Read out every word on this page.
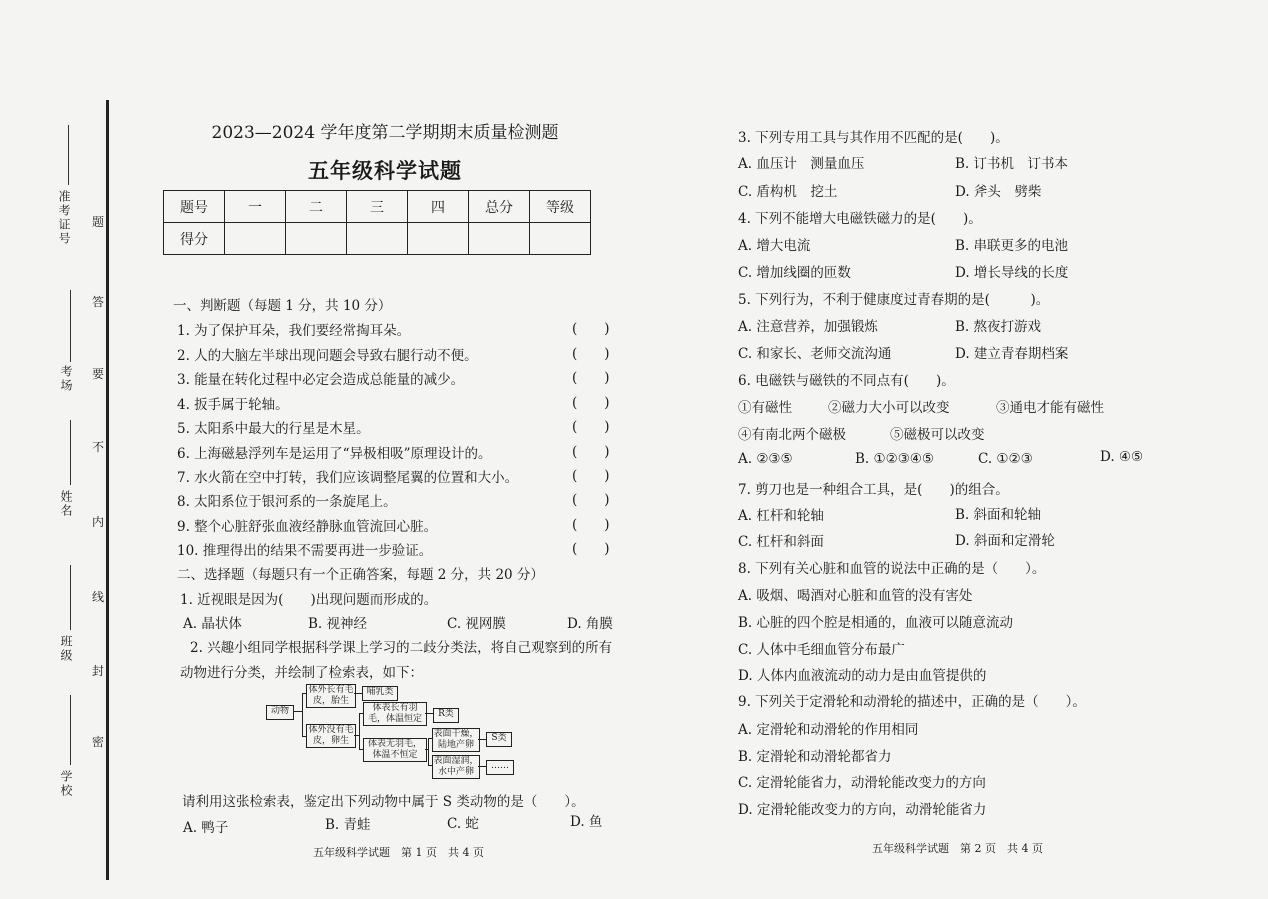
准考证号
考场
姓名
班级
学校
题
答
要
不
内
线
封
密
2023—2024 学年度第二学期期末质量检测题
五年级科学试题
题号	一	二	三	四	总分	等级
得分						
一、判断题（每题 1 分，共 10 分）
1. 为了保护耳朵，我们要经常掏耳朵。	(　　)
2. 人的大脑左半球出现问题会导致右腿行动不便。	(　　)
3. 能量在转化过程中必定会造成总能量的减少。	(　　)
4. 扳手属于轮轴。	(　　)
5. 太阳系中最大的行星是木星。	(　　)
6. 上海磁悬浮列车是运用了“异极相吸”原理设计的。	(　　)
7. 水火箭在空中打转，我们应该调整尾翼的位置和大小。	(　　)
8. 太阳系位于银河系的一条旋尾上。	(　　)
9. 整个心脏舒张血液经静脉血管流回心脏。	(　　)
10. 推理得出的结果不需要再进一步验证。	(　　)
二、选择题（每题只有一个正确答案，每题 2 分，共 20 分）
1. 近视眼是因为(　　)出现问题而形成的。
A. 晶状体	B. 视神经	C. 视网膜	D. 角膜
2. 兴趣小组同学根据科学课上学习的二歧分类法，将自己观察到的所有
动物进行分类，并绘制了检索表，如下：
动物
体外长有毛皮，胎生
哺乳类
体外没有毛皮，卵生
体表长有羽毛，体温恒定	R类
体表无羽毛，体温不恒定
表面干燥，陆地产卵
S类
表面湿润，水中产卵
……
请利用这张检索表，鉴定出下列动物中属于 S 类动物的是（　　）。
A. 鸭子	B. 青蛙	C. 蛇	D. 鱼
五年级科学试题　第 1 页　共 4 页
3. 下列专用工具与其作用不匹配的是(　　)。
A. 血压计　测量血压	B. 订书机　订书本
C. 盾构机　挖土	D. 斧头　劈柴
4. 下列不能增大电磁铁磁力的是(　　)。
A. 增大电流	B. 串联更多的电池
C. 增加线圈的匝数	D. 增长导线的长度
5. 下列行为，不利于健康度过青春期的是(　　　)。
A. 注意营养，加强锻炼	B. 熬夜打游戏
C. 和家长、老师交流沟通	D. 建立青春期档案
6. 电磁铁与磁铁的不同点有(　　)。
①有磁性	②磁力大小可以改变	③通电才能有磁性
④有南北两个磁极	⑤磁极可以改变
A. ②③⑤	B. ①②③④⑤	C. ①②③	D. ④⑤
7. 剪刀也是一种组合工具，是(　　)的组合。
A. 杠杆和轮轴	B. 斜面和轮轴
C. 杠杆和斜面	D. 斜面和定滑轮
8. 下列有关心脏和血管的说法中正确的是（　　）。
A. 吸烟、喝酒对心脏和血管的没有害处
B. 心脏的四个腔是相通的，血液可以随意流动
C. 人体中毛细血管分布最广
D. 人体内血液流动的动力是由血管提供的
9. 下列关于定滑轮和动滑轮的描述中，正确的是（　　）。
A. 定滑轮和动滑轮的作用相同
B. 定滑轮和动滑轮都省力
C. 定滑轮能省力，动滑轮能改变力的方向
D. 定滑轮能改变力的方向，动滑轮能省力
五年级科学试题　第 2 页　共 4 页
